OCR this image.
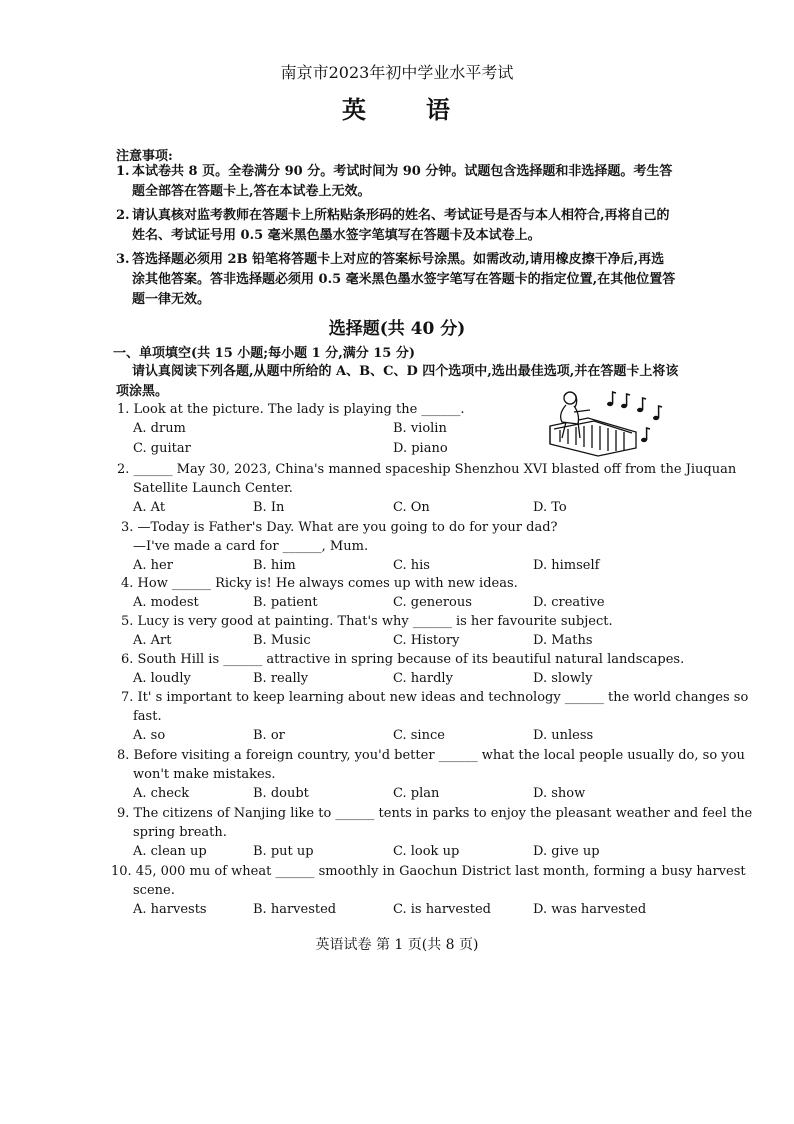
南京市2023年初中学业水平考试
英 语
注意事项:
1. 本试卷共 8 页。全卷满分 90 分。考试时间为 90 分钟。试题包含选择题和非选择题。考生答题全部答在答题卡上,答在本试卷上无效。
2. 请认真核对监考教师在答题卡上所粘贴条形码的姓名、考试证号是否与本人相符合,再将自己的姓名、考试证号用 0.5 毫米黑色墨水签字笔填写在答题卡及本试卷上。
3. 答选择题必须用 2B 铅笔将答题卡上对应的答案标号涂黑。如需改动,请用橡皮擦干净后,再选涂其他答案。答非选择题必须用 0.5 毫米黑色墨水签字笔写在答题卡的指定位置,在其他位置答题一律无效。
选择题(共 40 分)
一、单项填空(共 15 小题;每小题 1 分,满分 15 分)
请认真阅读下列各题,从题中所给的 A、B、C、D 四个选项中,选出最佳选项,并在答题卡上将该项涂黑。
1. Look at the picture. The lady is playing the ______.
A. drum	B. violin
C. guitar	D. piano
2. ______ May 30, 2023, China's manned spaceship Shenzhou XVI blasted off from the Jiuquan
Satellite Launch Center.
A. At	B. In	C. On	D. To
3. —Today is Father's Day. What are you going to do for your dad?
—I've made a card for ______, Mum.
A. her	B. him	C. his	D. himself
4. How ______ Ricky is! He always comes up with new ideas.
A. modest	B. patient	C. generous	D. creative
5. Lucy is very good at painting. That's why ______ is her favourite subject.
A. Art	B. Music	C. History	D. Maths
6. South Hill is ______ attractive in spring because of its beautiful natural landscapes.
A. loudly	B. really	C. hardly	D. slowly
7. It' s important to keep learning about new ideas and technology ______ the world changes so
fast.
A. so	B. or	C. since	D. unless
8. Before visiting a foreign country, you'd better ______ what the local people usually do, so you
won't make mistakes.
A. check	B. doubt	C. plan	D. show
9. The citizens of Nanjing like to ______ tents in parks to enjoy the pleasant weather and feel the
spring breath.
A. clean up	B. put up	C. look up	D. give up
10. 45, 000 mu of wheat ______ smoothly in Gaochun District last month, forming a busy harvest
scene.
A. harvests	B. harvested	C. is harvested	D. was harvested
英语试卷 第 1 页(共 8 页)
